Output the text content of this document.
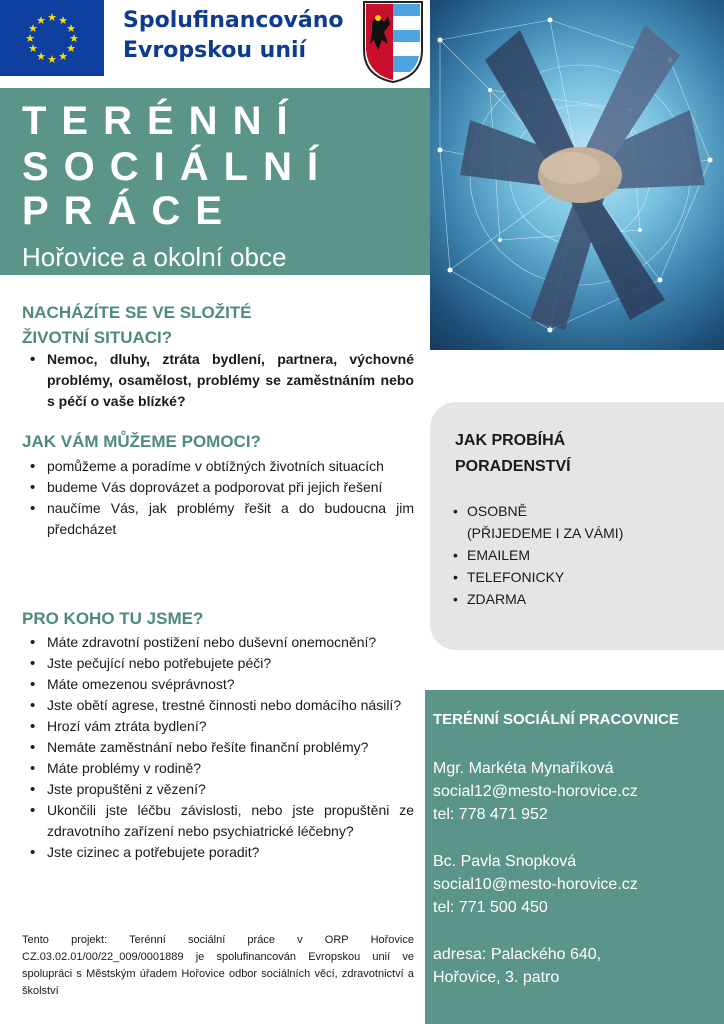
★ ★
★
★
★
★
★
★
★
★
★
★	Spolufinancováno
Evropskou unií
TERÉNNÍ
SOCIÁLNÍ
PRÁCE
Hořovice a okolní obce
NACHÁZÍTE SE VE SLOŽITÉ
ŽIVOTNÍ SITUACI?
• Nemoc, dluhy, ztráta bydlení, partnera, výchovné problémy, osamělost, problémy se zaměstnáním nebo s péčí o vaše blízké?
JAK VÁM MŮŽEME POMOCI?
• pomůžeme a poradíme v obtížných životních situacích
• budeme Vás doprovázet a podporovat při jejich řešení
• naučíme Vás, jak problémy řešit a do budoucna jim předcházet
PRO KOHO TU JSME?
• Máte zdravotní postižení nebo duševní onemocnění?
• Jste pečující nebo potřebujete péči?
• Máte omezenou svéprávnost?
• Jste obětí agrese, trestné činnosti nebo domácího násilí?
• Hrozí vám ztráta bydlení?
• Nemáte zaměstnání nebo řešíte finanční problémy?
• Máte problémy v rodině?
• Jste propuštěni z vězení?
• Ukončili jste léčbu závislosti, nebo jste propuštěni ze zdravotního zařízení nebo psychiatrické léčebny?
• Jste cizinec a potřebujete poradit?
Tento projekt: Terénní sociální práce v ORP Hořovice CZ.03.02.01/00/22_009/0001889 je spolufinancován Evropskou unií ve spolupráci s Městským úřadem Hořovice odbor sociálních věcí, zdravotnictví a školství
JAK PROBÍHÁ
PORADENSTVÍ
• OSOBNĚ
(PŘIJEDEME I ZA VÁMI)
• EMAILEM
• TELEFONICKY
• ZDARMA
TERÉNNÍ SOCIÁLNÍ PRACOVNICE
Mgr. Markéta Mynaříková
social12@mesto-horovice.cz
tel: 778 471 952
Bc. Pavla Snopková
social10@mesto-horovice.cz
tel: 771 500 450
adresa: Palackého 640,
Hořovice, 3. patro
